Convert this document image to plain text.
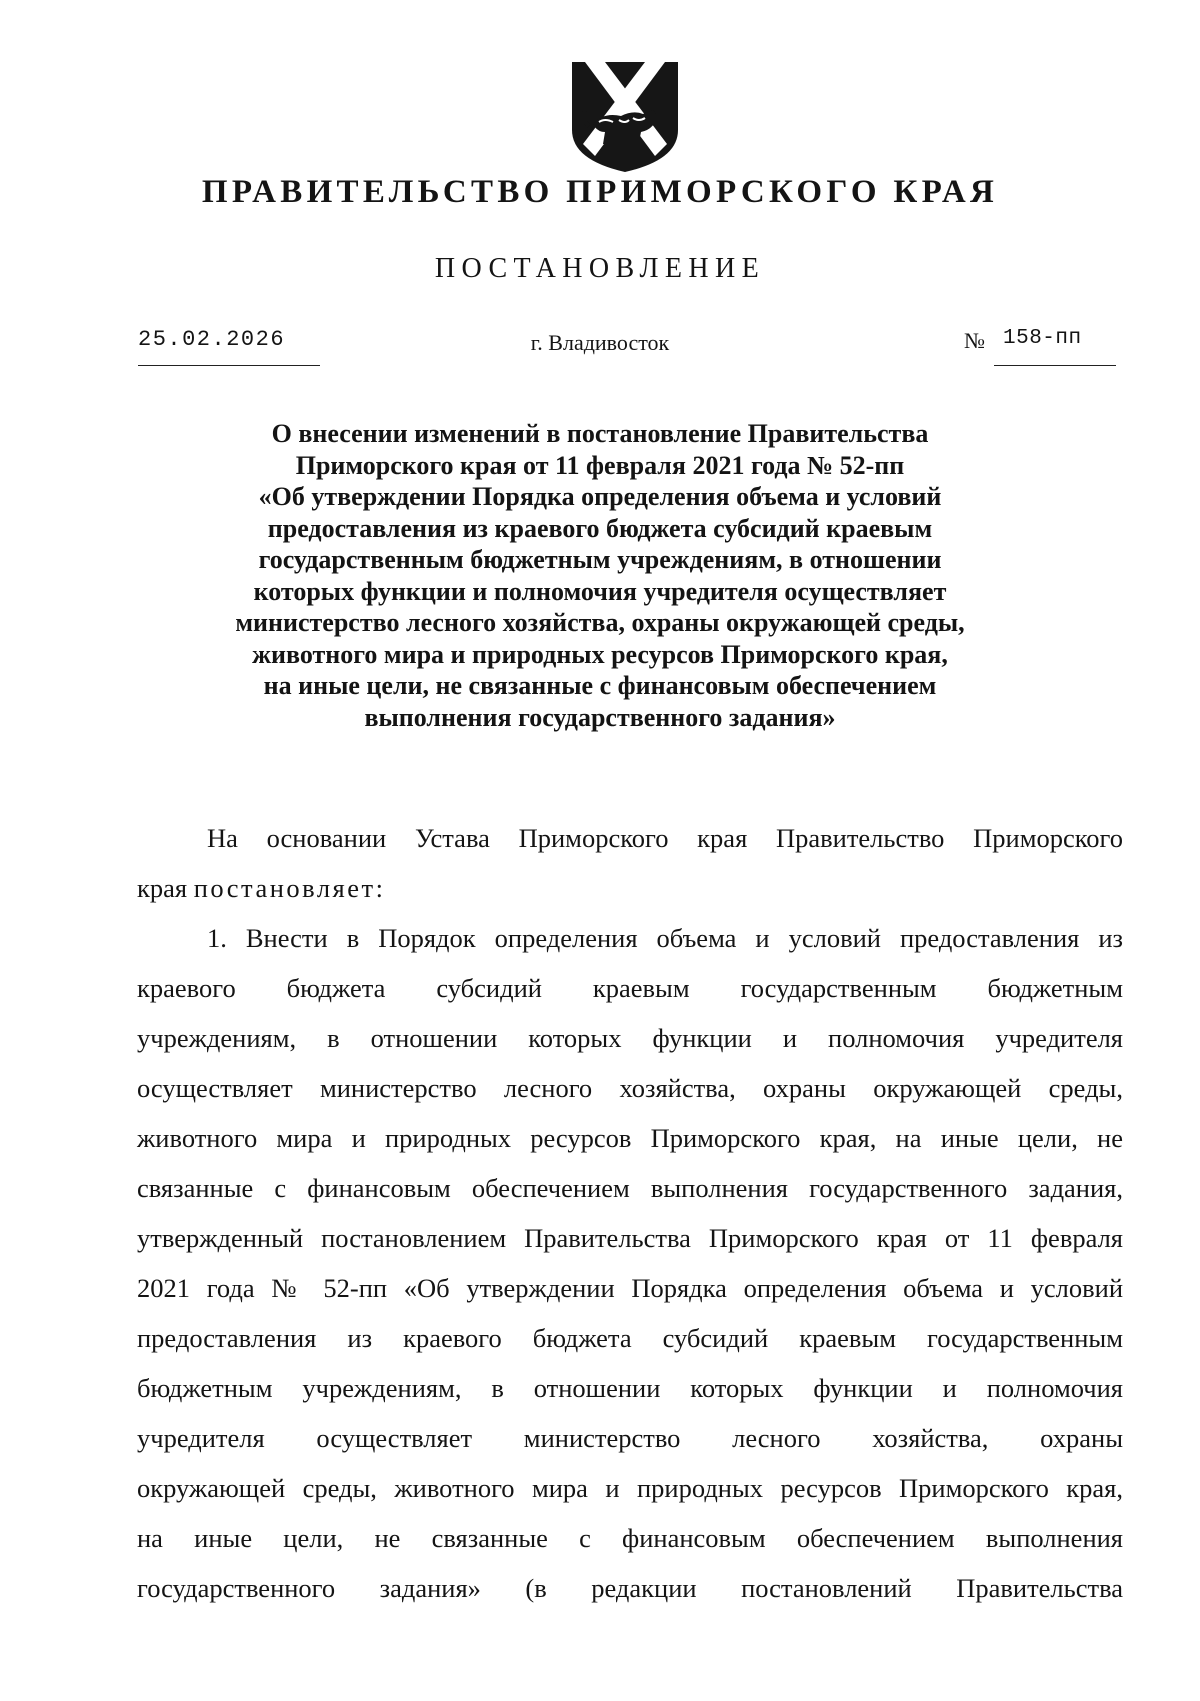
ПРАВИТЕЛЬСТВО ПРИМОРСКОГО КРАЯ
ПОСТАНОВЛЕНИЕ
25.02.2026	г. Владивосток	№ 158-пп
О внесении изменений в постановление Правительства
Приморского края от 11 февраля 2021 года № 52-пп
«Об утверждении Порядка определения объема и условий
предоставления из краевого бюджета субсидий краевым
государственным бюджетным учреждениям, в отношении
которых функции и полномочия учредителя осуществляет
министерство лесного хозяйства, охраны окружающей среды,
животного мира и природных ресурсов Приморского края,
на иные цели, не связанные с финансовым обеспечением
выполнения государственного задания»
На основании Устава Приморского края Правительство Приморского
края постановляет:
1. Внести в Порядок определения объема и условий предоставления из
краевого бюджета субсидий краевым государственным бюджетным
учреждениям, в отношении которых функции и полномочия учредителя
осуществляет министерство лесного хозяйства, охраны окружающей среды,
животного мира и природных ресурсов Приморского края, на иные цели, не
связанные с финансовым обеспечением выполнения государственного задания,
утвержденный постановлением Правительства Приморского края от 11 февраля
2021 года № 52-пп «Об утверждении Порядка определения объема и условий
предоставления из краевого бюджета субсидий краевым государственным
бюджетным учреждениям, в отношении которых функции и полномочия
учредителя осуществляет министерство лесного хозяйства, охраны
окружающей среды, животного мира и природных ресурсов Приморского края,
на иные цели, не связанные с финансовым обеспечением выполнения
государственного задания» (в редакции постановлений Правительства
